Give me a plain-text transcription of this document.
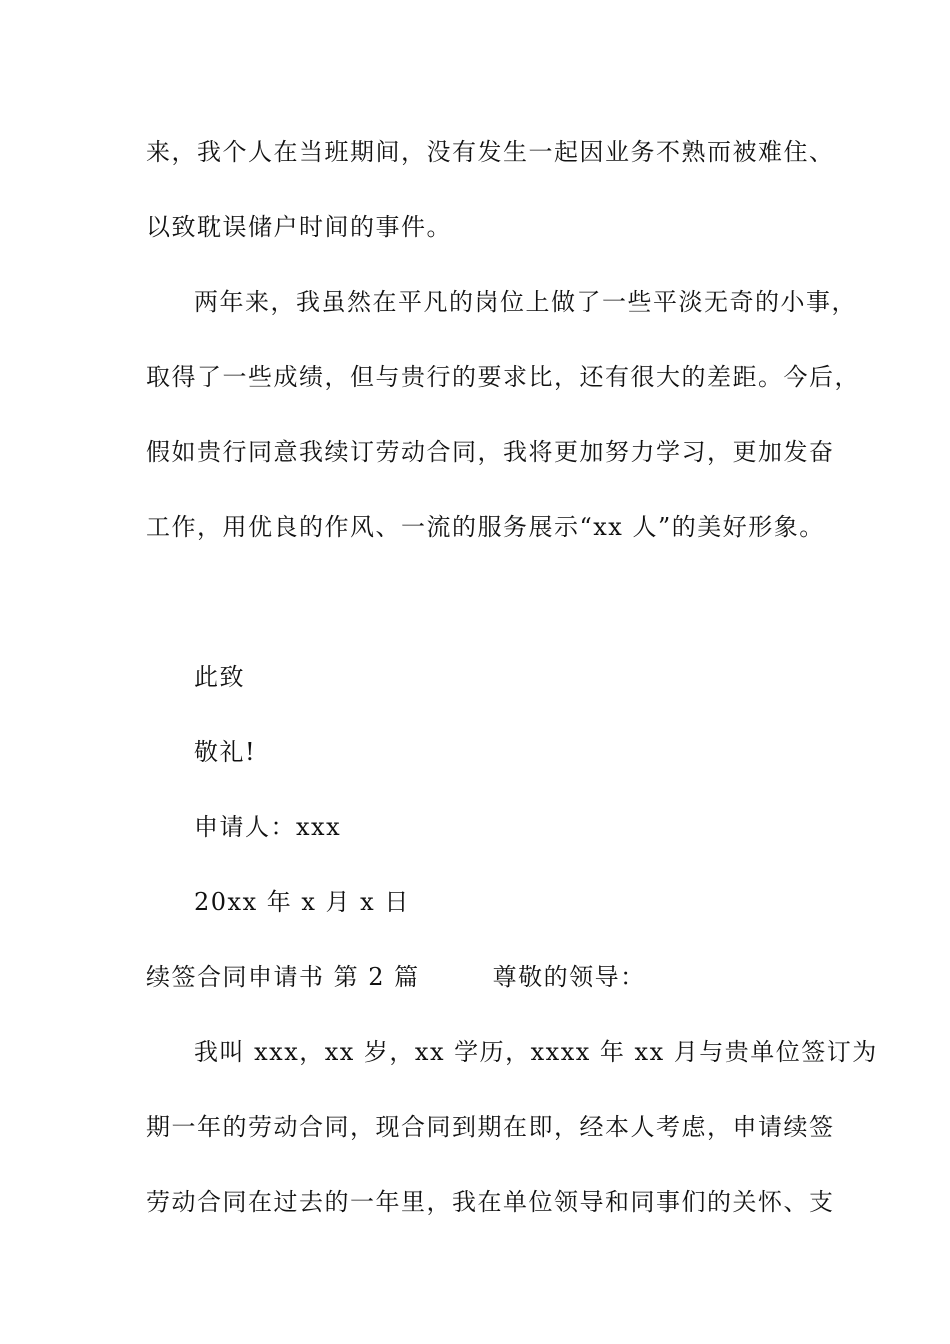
来，我个人在当班期间，没有发生一起因业务不熟而被难住、
以致耽误储户时间的事件。
两年来，我虽然在平凡的岗位上做了一些平淡无奇的小事，
取得了一些成绩，但与贵行的要求比，还有很大的差距。今后，
假如贵行同意我续订劳动合同，我将更加努力学习，更加发奋
工作，用优良的作风、一流的服务展示“xx 人”的美好形象。
此致
敬礼!
申请人：xxx
20xx 年 x 月 x 日
续签合同申请书 第 2 篇        尊敬的领导：
我叫 xxx，xx 岁，xx 学历，xxxx 年 xx 月与贵单位签订为
期一年的劳动合同，现合同到期在即，经本人考虑，申请续签
劳动合同在过去的一年里，我在单位领导和同事们的关怀、支
